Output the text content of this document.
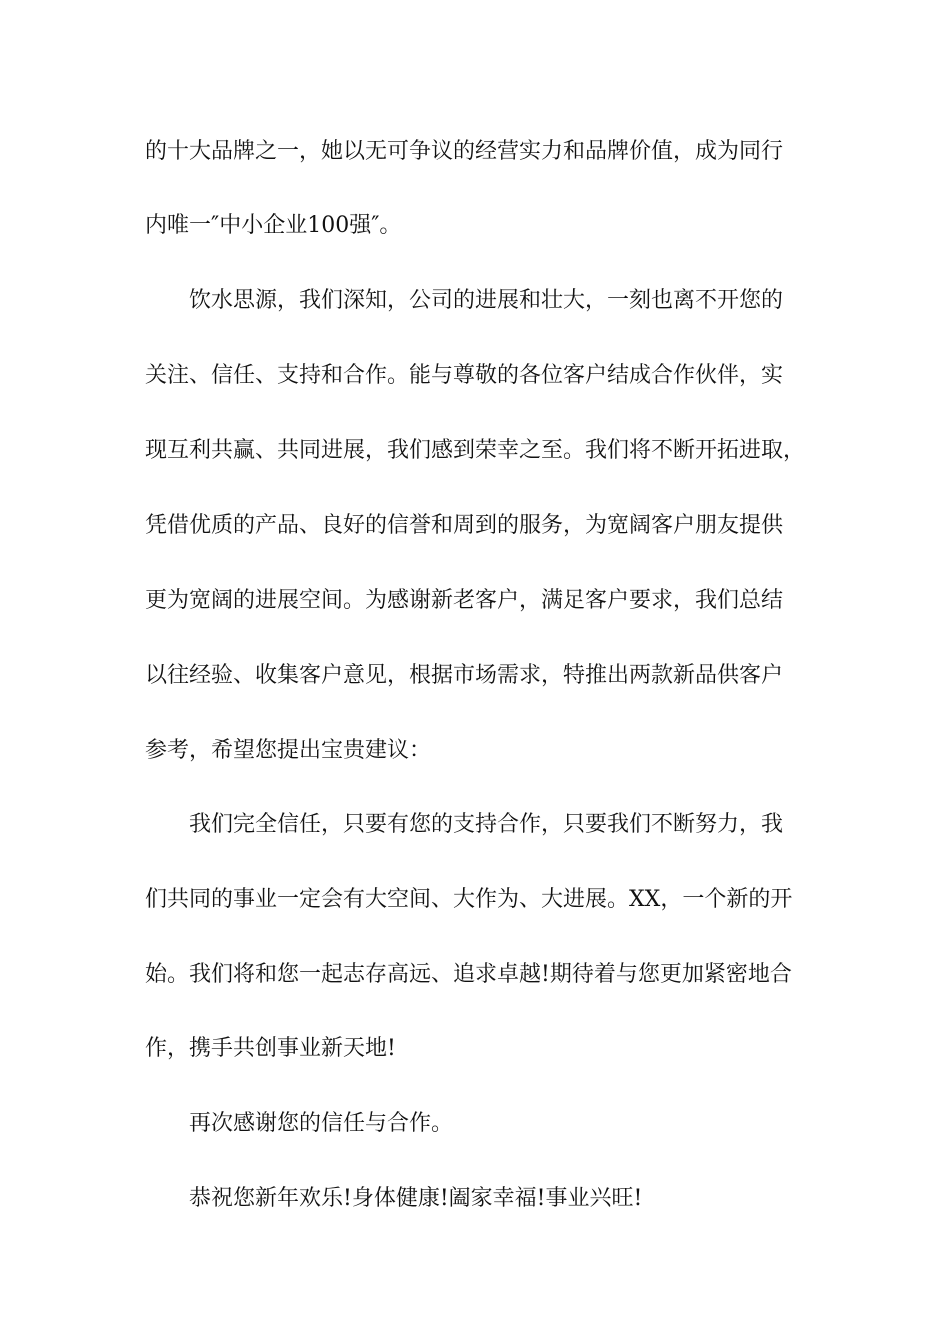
的十大品牌之一，她以无可争议的经营实力和品牌价值，成为同行
内唯一″中小企业100强″。
饮水思源，我们深知，公司的进展和壮大，一刻也离不开您的
关注、信任、支持和合作。能与尊敬的各位客户结成合作伙伴，实
现互利共赢、共同进展，我们感到荣幸之至。我们将不断开拓进取，
凭借优质的产品、良好的信誉和周到的服务，为宽阔客户朋友提供
更为宽阔的进展空间。为感谢新老客户，满足客户要求，我们总结
以往经验、收集客户意见，根据市场需求，特推出两款新品供客户
参考，希望您提出宝贵建议：
我们完全信任，只要有您的支持合作，只要我们不断努力，我
们共同的事业一定会有大空间、大作为、大进展。XX，一个新的开
始。我们将和您一起志存高远、追求卓越!期待着与您更加紧密地合
作，携手共创事业新天地!
再次感谢您的信任与合作。
恭祝您新年欢乐!身体健康!阖家幸福!事业兴旺!
